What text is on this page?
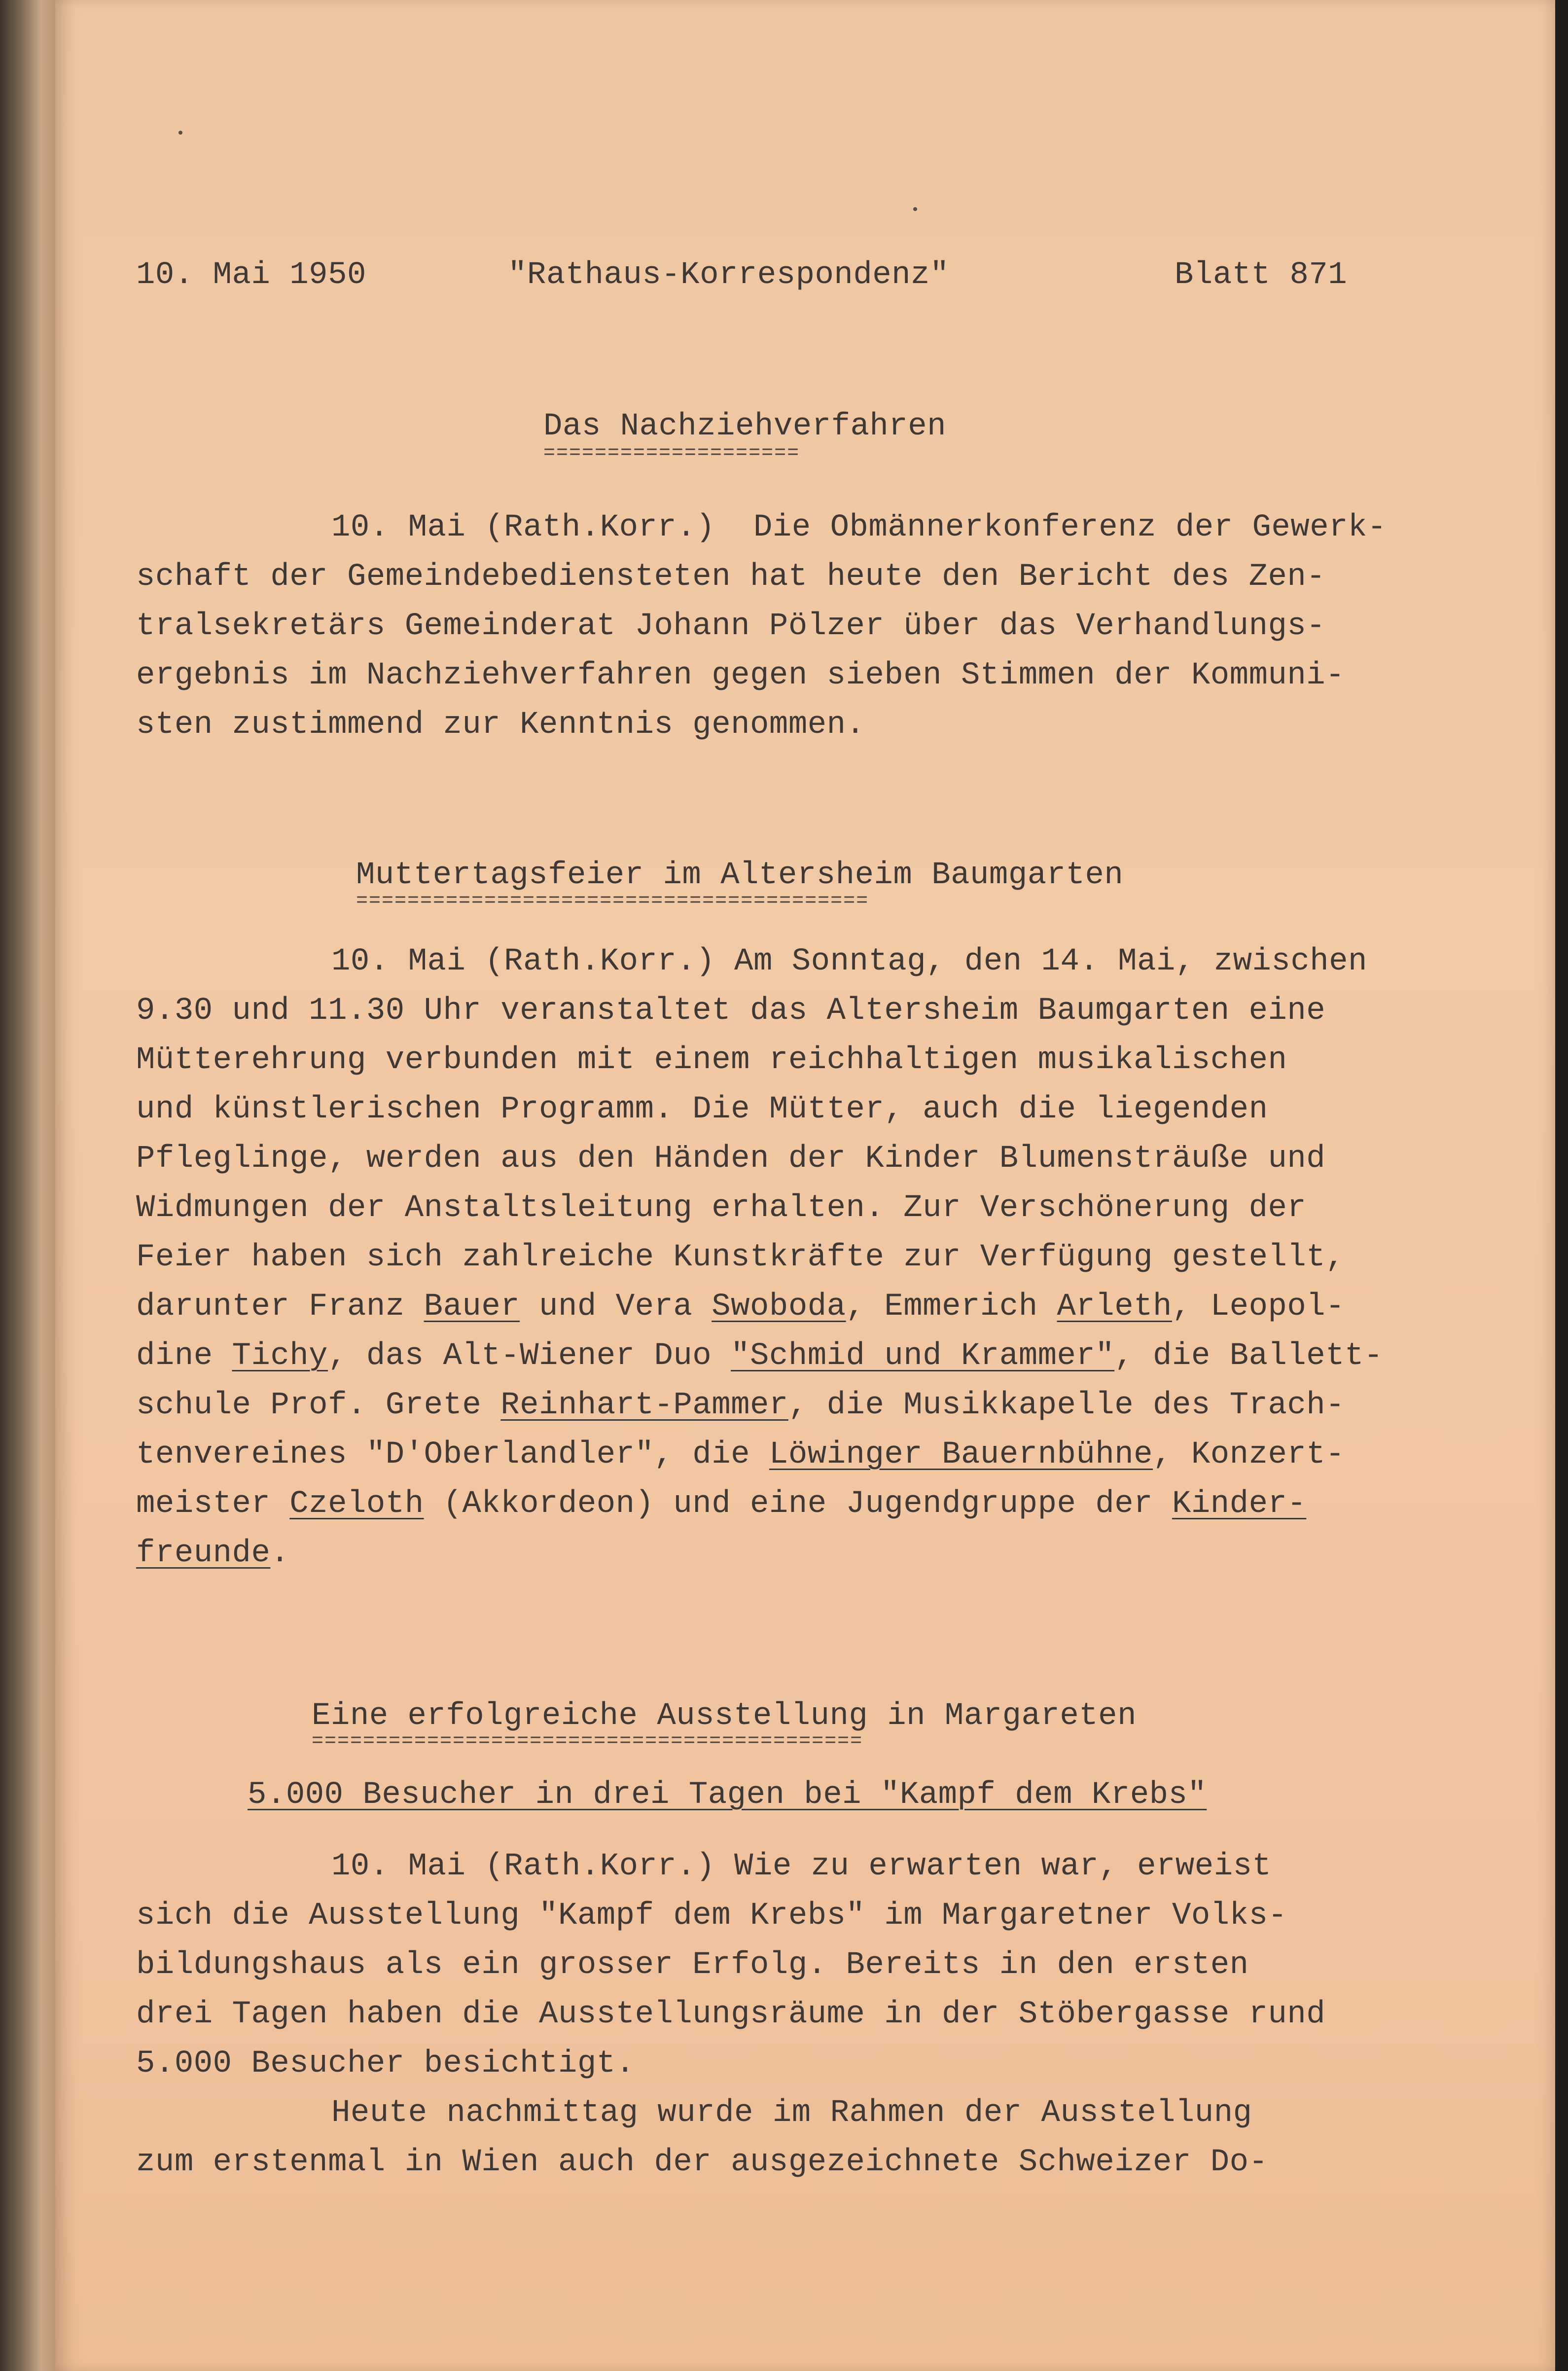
10. Mai 1950	"Rathaus-Korrespondenz"	Blatt 871
Das Nachziehverfahren
====================
10. Mai (Rath.Korr.)  Die Obmännerkonferenz der Gewerk-
schaft der Gemeindebediensteten hat heute den Bericht des Zen-
tralsekretärs Gemeinderat Johann Pölzer über das Verhandlungs-
ergebnis im Nachziehverfahren gegen sieben Stimmen der Kommuni-
sten zustimmend zur Kenntnis genommen.
Muttertagsfeier im Altersheim Baumgarten
========================================
10. Mai (Rath.Korr.) Am Sonntag, den 14. Mai, zwischen
9.30 und 11.30 Uhr veranstaltet das Altersheim Baumgarten eine
Mütterehrung verbunden mit einem reichhaltigen musikalischen
und künstlerischen Programm. Die Mütter, auch die liegenden
Pfleglinge, werden aus den Händen der Kinder Blumensträuße und
Widmungen der Anstaltsleitung erhalten. Zur Verschönerung der
Feier haben sich zahlreiche Kunstkräfte zur Verfügung gestellt,
darunter Franz Bauer und Vera Swoboda, Emmerich Arleth, Leopol-
dine Tichy, das Alt-Wiener Duo "Schmid und Krammer", die Ballett-
schule Prof. Grete Reinhart-Pammer, die Musikkapelle des Trach-
tenvereines "D'Oberlandler", die Löwinger Bauernbühne, Konzert-
meister Czeloth (Akkordeon) und eine Jugendgruppe der Kinder-
freunde.
Eine erfolgreiche Ausstellung in Margareten
===========================================
5.000 Besucher in drei Tagen bei "Kampf dem Krebs"
10. Mai (Rath.Korr.) Wie zu erwarten war, erweist
sich die Ausstellung "Kampf dem Krebs" im Margaretner Volks-
bildungshaus als ein grosser Erfolg. Bereits in den ersten
drei Tagen haben die Ausstellungsräume in der Stöbergasse rund
5.000 Besucher besichtigt.
Heute nachmittag wurde im Rahmen der Ausstellung
zum erstenmal in Wien auch der ausgezeichnete Schweizer Do-
